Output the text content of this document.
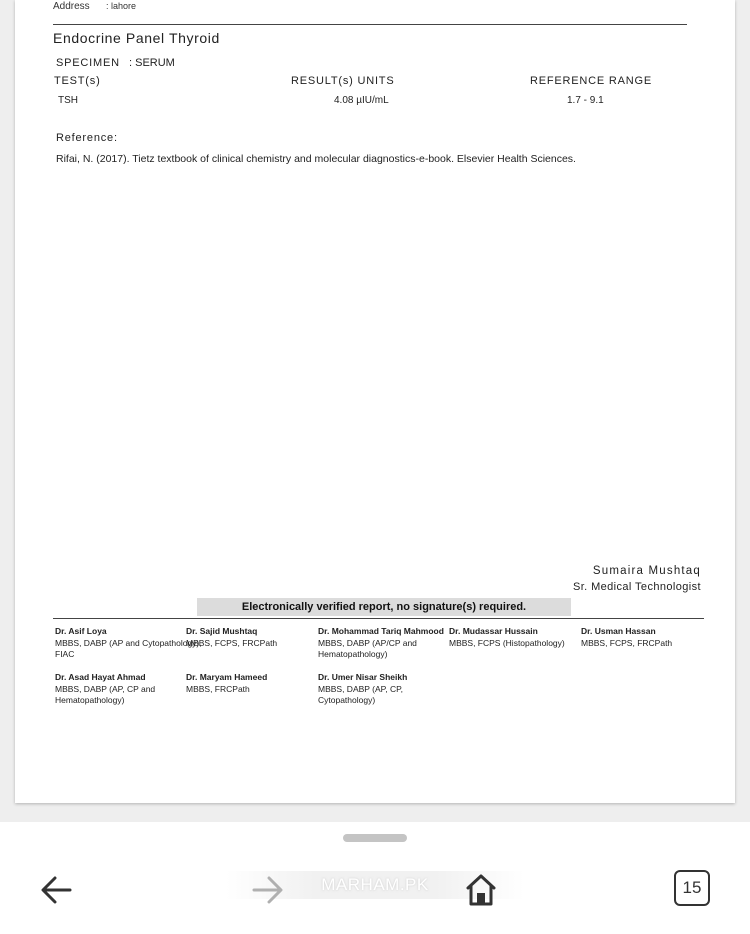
Address : lahore
Endocrine Panel Thyroid
SPECIMEN : SERUM
TEST(s)	RESULT(s) UNITS	REFERENCE RANGE
TSH	4.08 µIU/mL	1.7 - 9.1
Reference:
Rifai, N. (2017). Tietz textbook of clinical chemistry and molecular diagnostics-e-book. Elsevier Health Sciences.
Sumaira Mushtaq
Sr. Medical Technologist
Electronically verified report, no signature(s) required.
Dr. Asif Loya
MBBS, DABP (AP and Cytopathology), FIAC
Dr. Sajid Mushtaq
MBBS, FCPS, FRCPath
Dr. Mohammad Tariq Mahmood
MBBS, DABP (AP/CP and Hematopathology)
Dr. Mudassar Hussain
MBBS, FCPS (Histopathology)
Dr. Usman Hassan
MBBS, FCPS, FRCPath
Dr. Asad Hayat Ahmad
MBBS, DABP (AP, CP and Hematopathology)
Dr. Maryam Hameed
MBBS, FRCPath
Dr. Umer Nisar Sheikh
MBBS, DABP (AP, CP, Cytopathology)
MARHAM.PK	15
